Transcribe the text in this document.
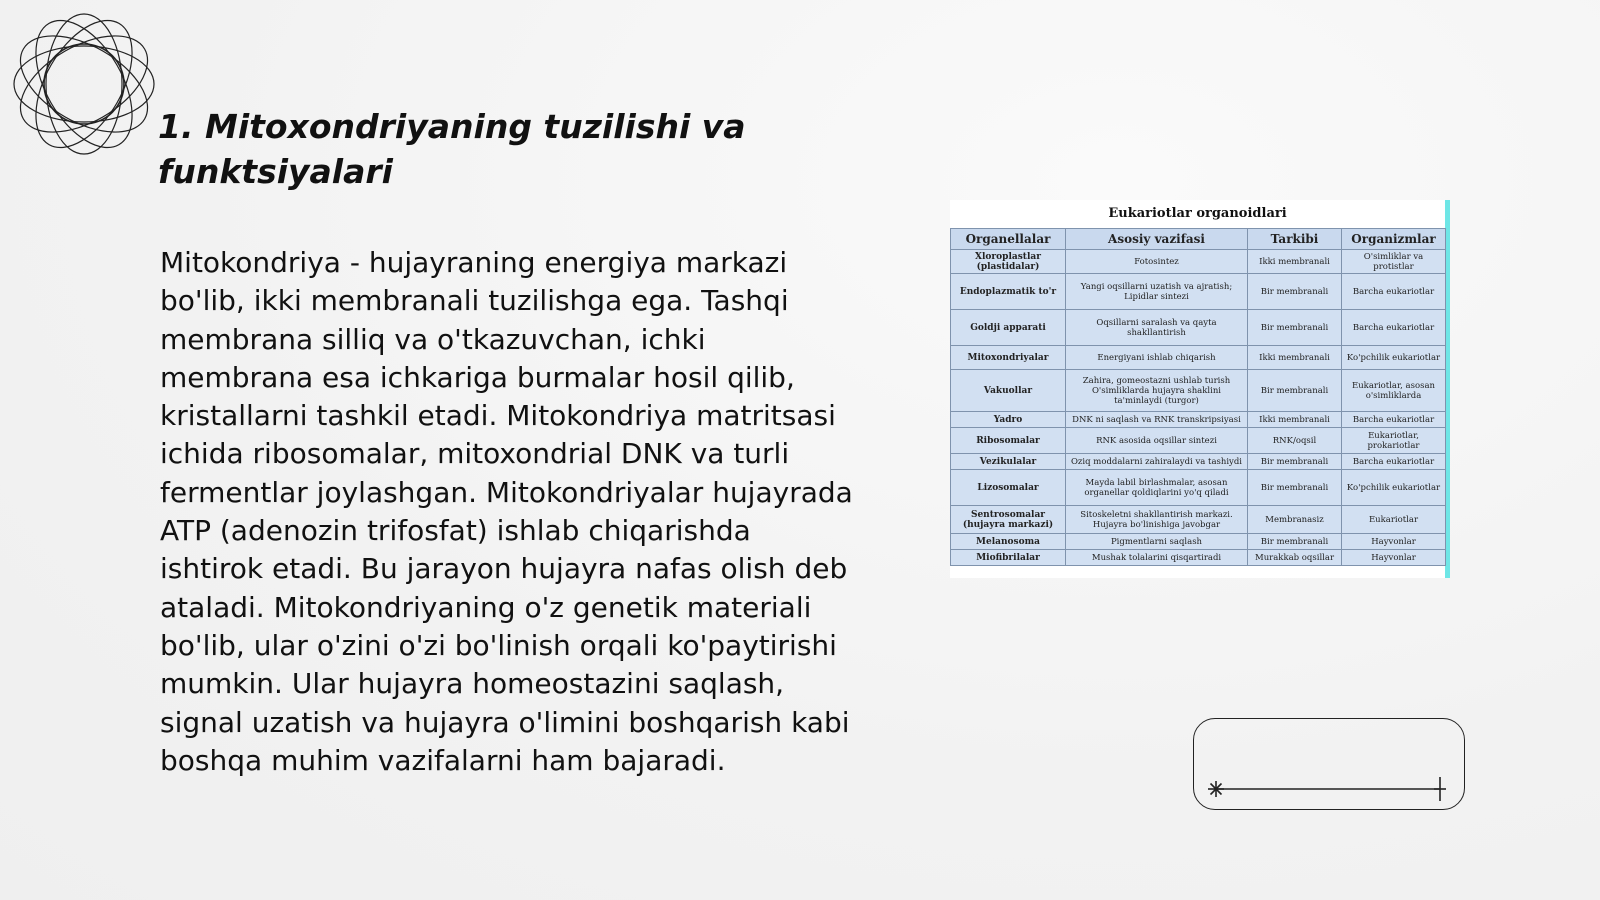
1. Mitoxondriyaning tuzilishi va funktsiyalari

Mitokondriya - hujayraning energiya markazi bo'lib, ikki membranali tuzilishga ega. Tashqi membrana silliq va o'tkazuvchan, ichki membrana esa ichkariga burmalar hosil qilib, kristallarni tashkil etadi. Mitokondriya matritsasi ichida ribosomalar, mitoxondrial DNK va turli fermentlar joylashgan. Mitokondriyalar hujayrada ATP (adenozin trifosfat) ishlab chiqarishda ishtirok etadi. Bu jarayon hujayra nafas olish deb ataladi. Mitokondriyaning o'z genetik materiali bo'lib, ular o'zini o'zi bo'linish orqali ko'paytirishi mumkin. Ular hujayra homeostazini saqlash, signal uzatish va hujayra o'limini boshqarish kabi boshqa muhim vazifalarni ham bajaradi.

Eukariotlar organoidlari
Organellalar	Asosiy vazifasi	Tarkibi	Organizmlar
Xloroplastlar (plastidalar)	Fotosintez	Ikki membranali	O'simliklar va protistlar
Endoplazmatik to'r	Yangi oqsillarni uzatish va ajratish; Lipidlar sintezi	Bir membranali	Barcha eukariotlar
Goldji apparati	Oqsillarni saralash va qayta shakllantirish	Bir membranali	Barcha eukariotlar
Mitoxondriyalar	Energiyani ishlab chiqarish	Ikki membranali	Ko'pchilik eukariotlar
Vakuollar	Zahira, gomeostazni ushlab turish O'simliklarda hujayra shaklini ta'minlaydi (turgor)	Bir membranali	Eukariotlar, asosan o'simliklarda
Yadro	DNK ni saqlash va RNK transkripsiyasi	Ikki membranali	Barcha eukariotlar
Ribosomalar	RNK asosida oqsillar sintezi	RNK/oqsil	Eukariotlar, prokariotlar
Vezikulalar	Oziq moddalarni zahiralaydi va tashiydi	Bir membranali	Barcha eukariotlar
Lizosomalar	Mayda labil birlashmalar, asosan organellar qoldiqlarini yo'q qiladi	Bir membranali	Ko'pchilik eukariotlar
Sentrosomalar (hujayra markazi)	Sitoskeletni shakllantirish markazi. Hujayra bo'linishiga javobgar	Membranasiz	Eukariotlar
Melanosoma	Pigmentlarni saqlash	Bir membranali	Hayvonlar
Miofibrilalar	Mushak tolalarini qisqartiradi	Murakkab oqsillar	Hayvonlar
